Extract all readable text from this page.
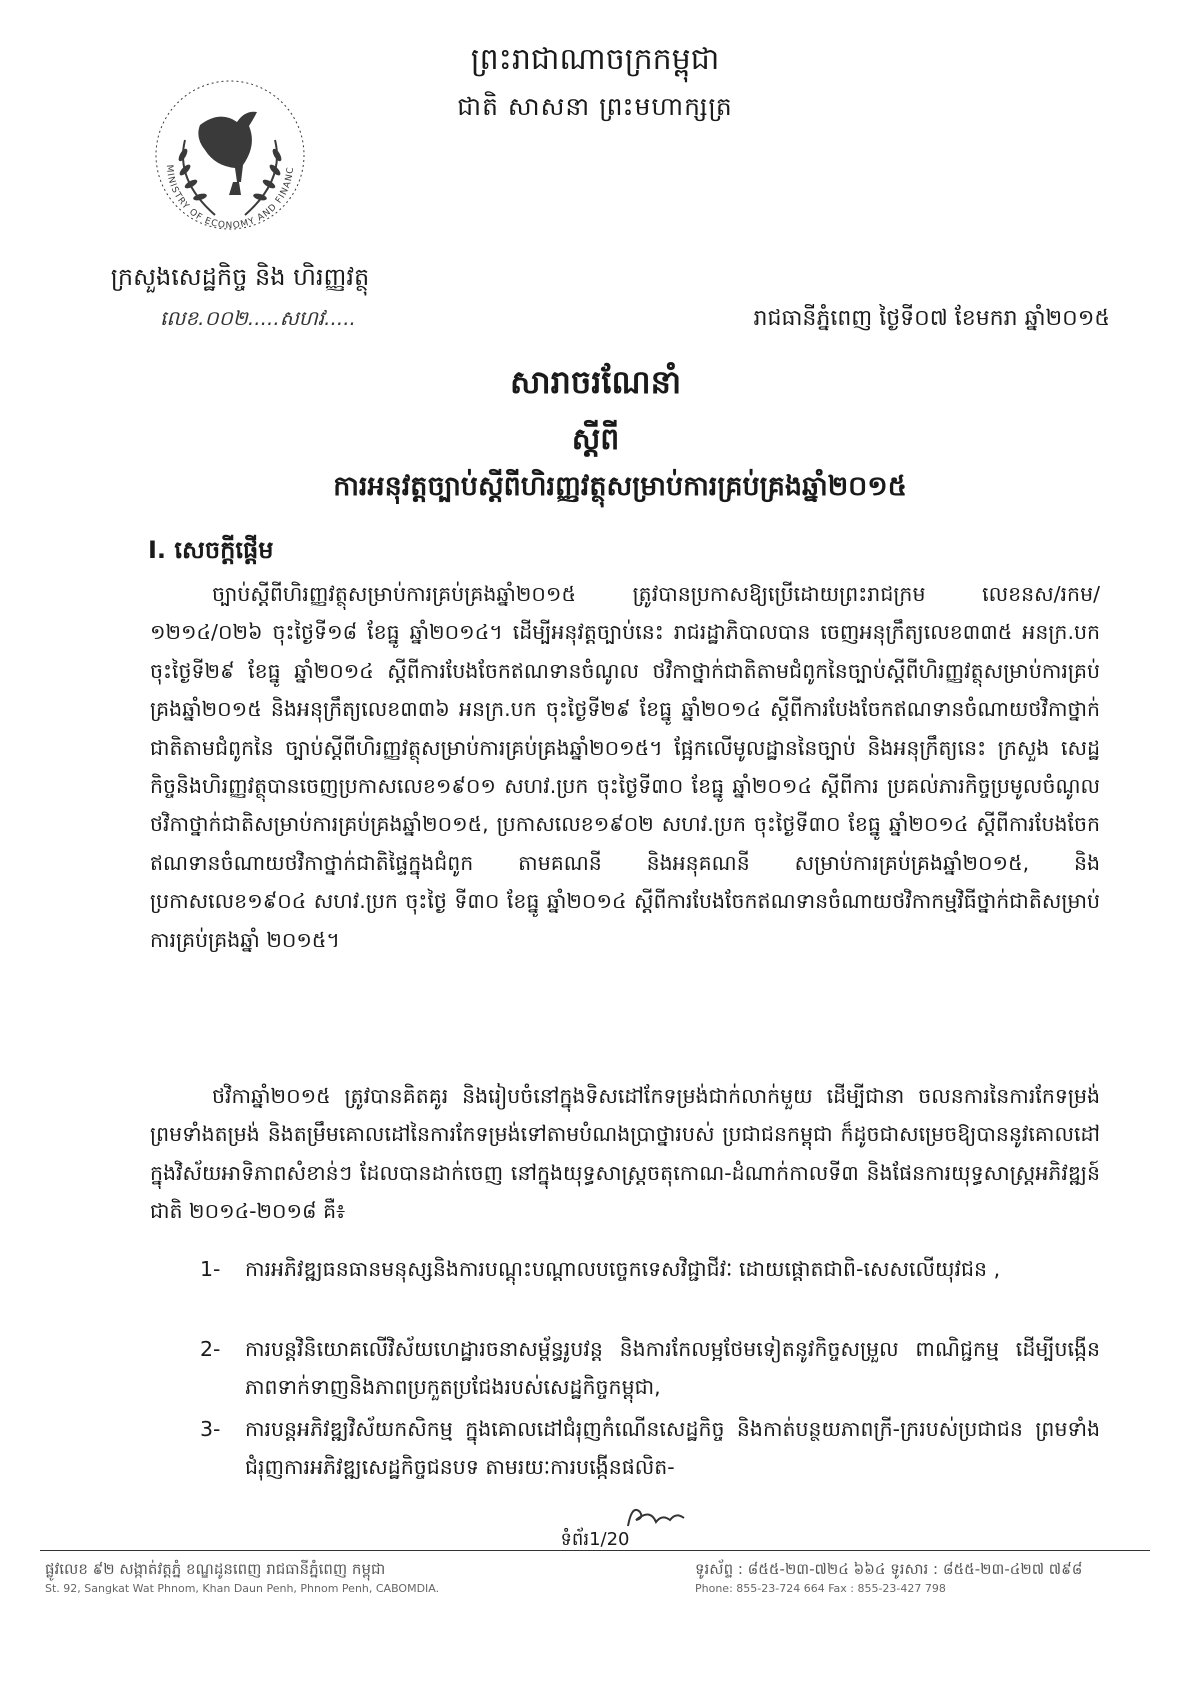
ព្រះរាជាណាចក្រកម្ពុជា
ជាតិ សាសនា ព្រះមហាក្សត្រ
MINISTRY OF ECONOMY AND FINANC
ក្រសួងសេដ្ឋកិច្ច និង ហិរញ្ញវត្ថុ
លេខ.០០២.....សហវ.....	រាជធានីភ្នំពេញ ថ្ងៃទី០៧ ខែមករា ឆ្នាំ២០១៥
សារាចរណែនាំ
ស្តីពី
ការអនុវត្តច្បាប់ស្តីពីហិរញ្ញវត្ថុសម្រាប់ការគ្រប់គ្រងឆ្នាំ២០១៥
I. សេចក្តីផ្តើម
ច្បាប់ស្តីពីហិរញ្ញវត្ថុសម្រាប់ការគ្រប់គ្រងឆ្នាំ២០១៥ ត្រូវបានប្រកាសឱ្យប្រើដោយព្រះរាជក្រម លេខនស/រកម/១២១៤/០២៦ ចុះថ្ងៃទី១៨ ខែធ្នូ ឆ្នាំ២០១៤។ ដើម្បីអនុវត្តច្បាប់នេះ រាជរដ្ឋាភិបាលបាន ចេញអនុក្រឹត្យលេខ៣៣៥ អនក្រ.បក ចុះថ្ងៃទី២៩ ខែធ្នូ ឆ្នាំ២០១៤ ស្តីពីការបែងចែកឥណទានចំណូល ថវិកាថ្នាក់ជាតិតាមជំពូកនៃច្បាប់ស្តីពីហិរញ្ញវត្ថុសម្រាប់ការគ្រប់គ្រងឆ្នាំ២០១៥ និងអនុក្រឹត្យលេខ៣៣៦ អនក្រ.បក ចុះថ្ងៃទី២៩ ខែធ្នូ ឆ្នាំ២០១៤ ស្តីពីការបែងចែកឥណទានចំណាយថវិកាថ្នាក់ជាតិតាមជំពូកនៃ ច្បាប់ស្តីពីហិរញ្ញវត្ថុសម្រាប់ការគ្រប់គ្រងឆ្នាំ២០១៥។ ផ្អែកលើមូលដ្ឋាននៃច្បាប់ និងអនុក្រឹត្យនេះ ក្រសួង សេដ្ឋកិច្ចនិងហិរញ្ញវត្ថុបានចេញប្រកាសលេខ១៩០១ សហវ.ប្រក ចុះថ្ងៃទី៣០ ខែធ្នូ ឆ្នាំ២០១៤ ស្តីពីការ ប្រគល់ភារកិច្ចប្រមូលចំណូលថវិកាថ្នាក់ជាតិសម្រាប់ការគ្រប់គ្រងឆ្នាំ២០១៥, ប្រកាសលេខ១៩០២ សហវ.ប្រក ចុះថ្ងៃទី៣០ ខែធ្នូ ឆ្នាំ២០១៤ ស្តីពីការបែងចែកឥណទានចំណាយថវិកាថ្នាក់ជាតិផ្ទៃក្នុងជំពូក តាមគណនី និងអនុគណនី សម្រាប់ការគ្រប់គ្រងឆ្នាំ២០១៥, និង ប្រកាសលេខ១៩០៤ សហវ.ប្រក ចុះថ្ងៃ ទី៣០ ខែធ្នូ ឆ្នាំ២០១៤ ស្តីពីការបែងចែកឥណទានចំណាយថវិកាកម្មវិធីថ្នាក់ជាតិសម្រាប់ការគ្រប់គ្រងឆ្នាំ ២០១៥។
ថវិកាឆ្នាំ២០១៥ ត្រូវបានគិតគូរ និងរៀបចំនៅក្នុងទិសដៅកែទម្រង់ជាក់លាក់មួយ ដើម្បីជានា ចលនការនៃការកែទម្រង់ ព្រមទាំងតម្រង់ និងតម្រឹមគោលដៅនៃការកែទម្រង់ទៅតាមបំណងប្រាថ្នារបស់ ប្រជាជនកម្ពុជា ក៏ដូចជាសម្រេចឱ្យបាននូវគោលដៅក្នុងវិស័យអាទិភាពសំខាន់ៗ ដែលបានដាក់ចេញ នៅក្នុងយុទ្ធសាស្ត្រចតុកោណ-ដំណាក់កាលទី៣ និងផែនការយុទ្ធសាស្ត្រអភិវឌ្ឍន៍ជាតិ ២០១៤-២០១៨ គឺ៖
1-	ការអភិវឌ្ឍធនធានមនុស្សនិងការបណ្តុះបណ្តាលបច្ចេកទេសវិជ្ជាជីវៈ ដោយផ្តោតជាពិ-សេសលើយុវជន ,
2-	ការបន្តវិនិយោគលើវិស័យហេដ្ឋារចនាសម្ព័ន្ធរូបវន្ត និងការកែលម្អថែមទៀតនូវកិច្ចសម្រួល ពាណិជ្ជកម្ម ដើម្បីបង្កើនភាពទាក់ទាញនិងភាពប្រកួតប្រជែងរបស់សេដ្ឋកិច្ចកម្ពុជា,
3-	ការបន្តអភិវឌ្ឍវិស័យកសិកម្ម ក្នុងគោលដៅជំរុញកំណើនសេដ្ឋកិច្ច និងកាត់បន្ថយភាពក្រី-ក្ររបស់ប្រជាជន ព្រមទាំងជំរុញការអភិវឌ្ឍសេដ្ឋកិច្ចជនបទ តាមរយៈការបង្កើនផលិត-
ទំព័រ1/20
ផ្លូវលេខ ៩២ សង្កាត់វត្តភ្នំ ខណ្ឌដូនពេញ រាជធានីភ្នំពេញ កម្ពុជា
St. 92, Sangkat Wat Phnom, Khan Daun Penh, Phnom Penh, CABOMDIA.
ទូរស័ព្ទ : ៨៥៥-២៣-៧២៤ ៦៦៤ ទូរសារ : ៨៥៥-២៣-៤២៧ ៧៩៨
Phone: 855-23-724 664 Fax : 855-23-427 798
